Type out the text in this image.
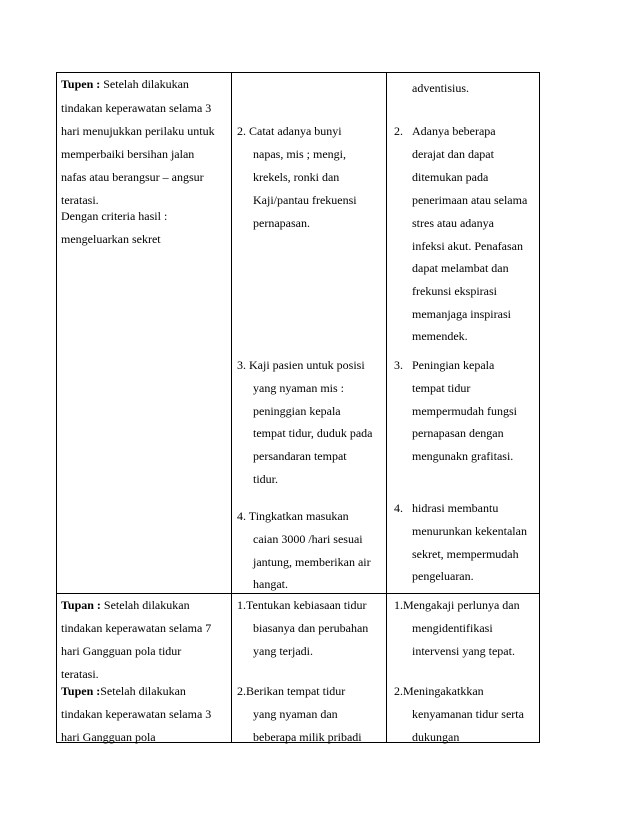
Tupen : Setelah dilakukan
tindakan keperawatan selama 3
hari menujukkan perilaku untuk
memperbaiki bersihan jalan
nafas atau berangsur – angsur
teratasi.
Dengan criteria hasil :
mengeluarkan sekret
2. Catat adanya bunyi
napas, mis ; mengi,
krekels, ronki dan
Kaji/pantau frekuensi
pernapasan.
3. Kaji pasien untuk posisi
yang nyaman mis :
peninggian kepala
tempat tidur, duduk pada
persandaran tempat
tidur.
4. Tingkatkan masukan
caian 3000 /hari sesuai
jantung, memberikan air
hangat.
adventisius.
2. Adanya beberapa
derajat dan dapat
ditemukan pada
penerimaan atau selama
stres atau adanya
infeksi akut. Penafasan
dapat melambat dan
frekunsi ekspirasi
memanjaga inspirasi
memendek.
3. Peningian kepala
tempat tidur
mempermudah fungsi
pernapasan dengan
mengunakn grafitasi.
4. hidrasi membantu
menurunkan kekentalan
sekret, mempermudah
pengeluaran.
Tupan : Setelah dilakukan
tindakan keperawatan selama 7
hari Gangguan pola tidur
teratasi.
Tupen :Setelah dilakukan
tindakan keperawatan selama 3
hari Gangguan pola
1.Tentukan kebiasaan tidur
biasanya dan perubahan
yang terjadi.
2.Berikan tempat tidur
yang nyaman dan
beberapa milik pribadi
1.Mengakaji perlunya dan
mengidentifikasi
intervensi yang tepat.
2.Meningakatkkan
kenyamanan tidur serta
dukungan
